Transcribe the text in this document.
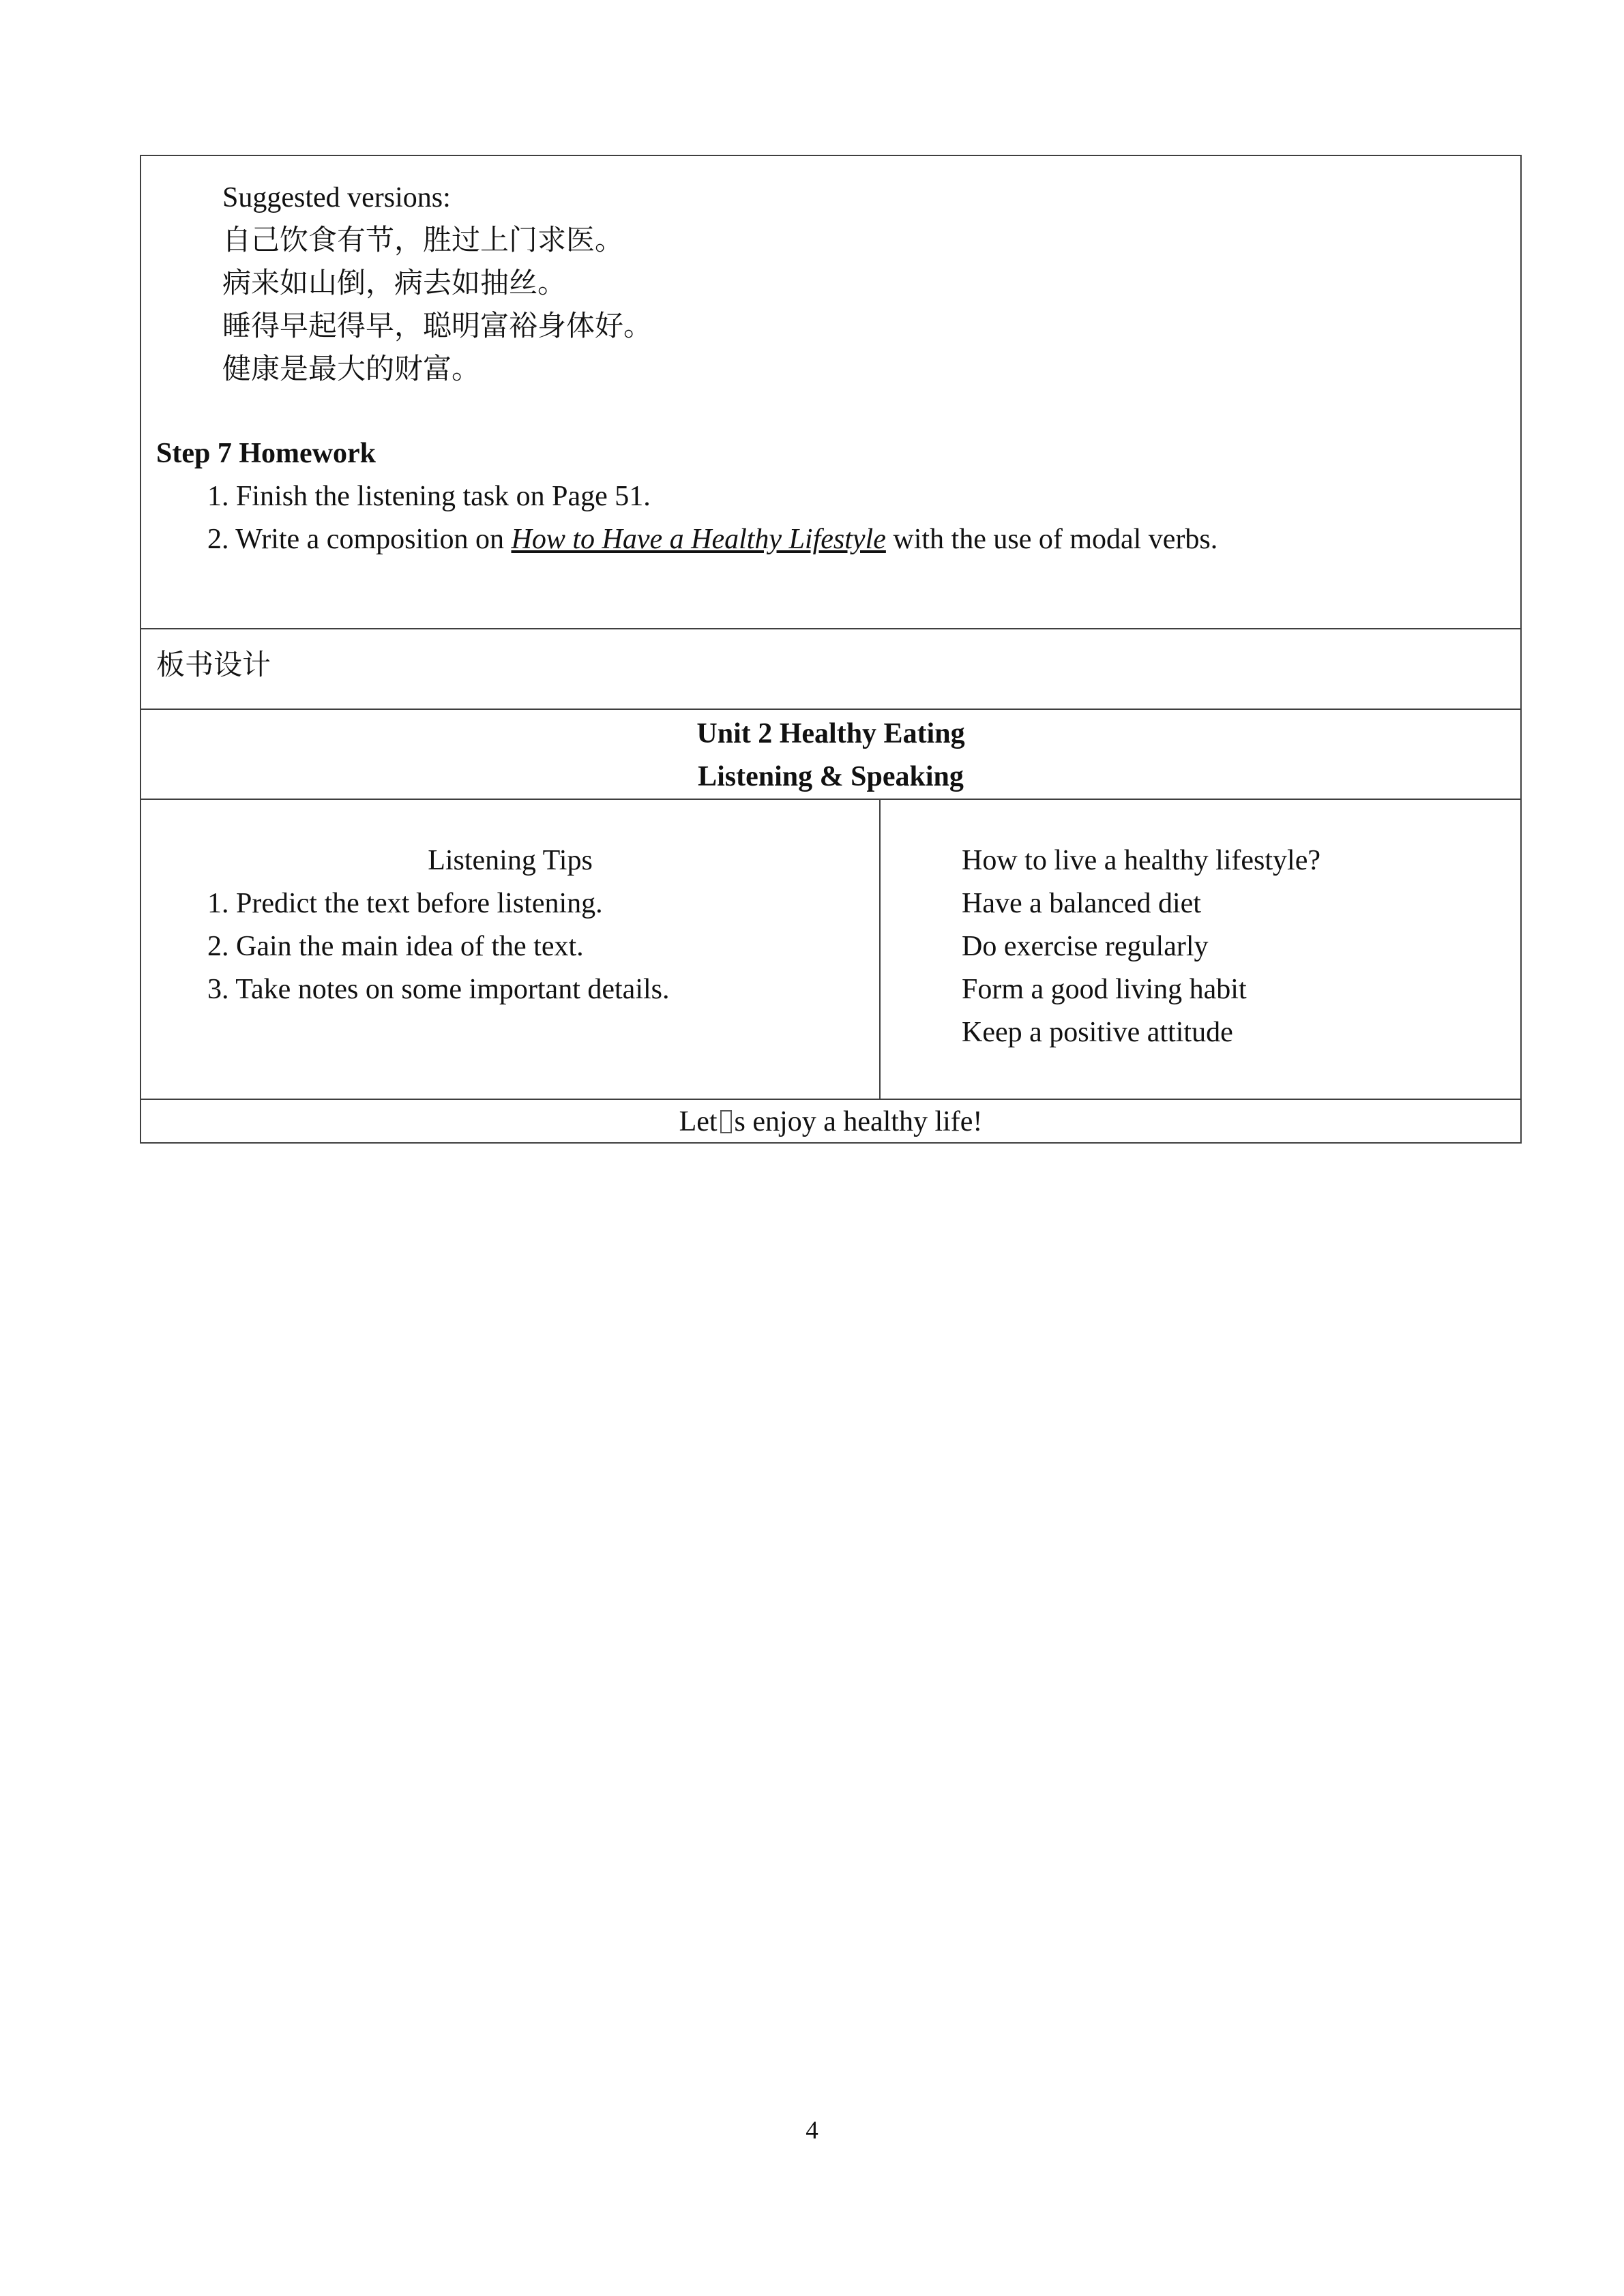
Suggested versions:

自己饮食有节，胜过上门求医。

病来如山倒，病去如抽丝。

睡得早起得早，聪明富裕身体好。

健康是最大的财富。

Step 7 Homework

1. Finish the listening task on Page 51.

2. Write a composition on How to Have a Healthy Lifestyle with the use of modal verbs.

板书设计

Unit 2 Healthy Eating

Listening & Speaking

Listening Tips

1. Predict the text before listening.

2. Gain the main idea of the text.

3. Take notes on some important details.

How to live a healthy lifestyle?

Have a balanced diet

Do exercise regularly

Form a good living habit

Keep a positive attitude

Let s enjoy a healthy life!

4
